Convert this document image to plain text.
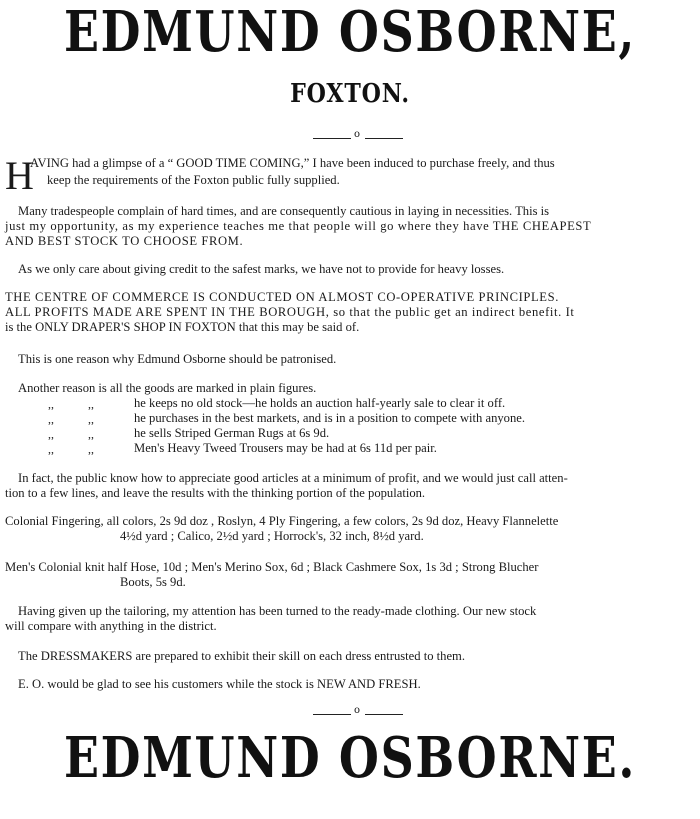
EDMUND OSBORNE,
FOXTON.
o
H
AVING had a glimpse of a “ GOOD TIME COMING,” I have been induced to purchase freely, and thus
keep the requirements of the Foxton public fully supplied.
Many tradespeople complain of hard times, and are consequently cautious in laying in necessities. This is
just my opportunity, as my experience teaches me that people will go where they have THE CHEAPEST
AND BEST STOCK TO CHOOSE FROM.
As we only care about giving credit to the safest marks, we have not to provide for heavy losses.
THE CENTRE OF COMMERCE IS CONDUCTED ON ALMOST CO-OPERATIVE PRINCIPLES.
ALL PROFITS MADE ARE SPENT IN THE BOROUGH, so that the public get an indirect benefit. It
is the ONLY DRAPER'S SHOP IN FOXTON that this may be said of.
This is one reason why Edmund Osborne should be patronised.
Another reason is all the goods are marked in plain figures.
,,	,,	he keeps no old stock—he holds an auction half-yearly sale to clear it off.
,,	,,	he purchases in the best markets, and is in a position to compete with anyone.
,,	,,	he sells Striped German Rugs at 6s 9d.
,,	,,	Men's Heavy Tweed Trousers may be had at 6s 11d per pair.
In fact, the public know how to appreciate good articles at a minimum of profit, and we would just call atten-
tion to a few lines, and leave the results with the thinking portion of the population.
Colonial Fingering, all colors, 2s 9d doz , Roslyn, 4 Ply Fingering, a few colors, 2s 9d doz, Heavy Flannelette
4½d yard ; Calico, 2½d yard ; Horrock's, 32 inch, 8½d yard.
Men's Colonial knit half Hose, 10d ; Men's Merino Sox, 6d ; Black Cashmere Sox, 1s 3d ; Strong Blucher
Boots, 5s 9d.
Having given up the tailoring, my attention has been turned to the ready-made clothing. Our new stock
will compare with anything in the district.
The DRESSMAKERS are prepared to exhibit their skill on each dress entrusted to them.
E. O. would be glad to see his customers while the stock is NEW AND FRESH.
o
EDMUND OSBORNE.
